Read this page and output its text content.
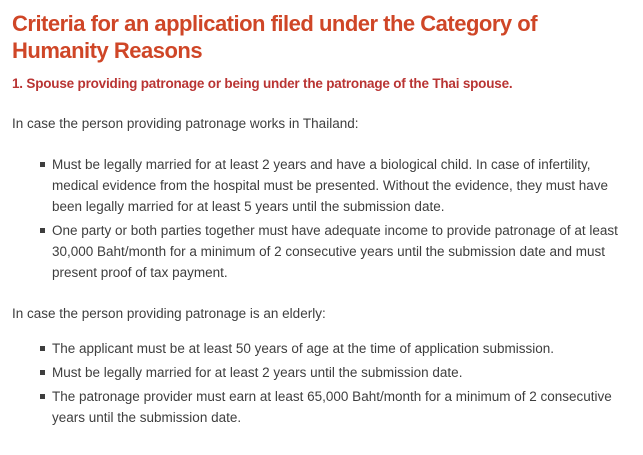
Criteria for an application filed under the Category of
Humanity Reasons
1. Spouse providing patronage or being under the patronage of the Thai spouse.

In case the person providing patronage works in Thailand:

Must be legally married for at least 2 years and have a biological child. In case of infertility, medical evidence from the hospital must be presented. Without the evidence, they must have been legally married for at least 5 years until the submission date.
One party or both parties together must have adequate income to provide patronage of at least 30,000 Baht/month for a minimum of 2 consecutive years until the submission date and must present proof of tax payment.

In case the person providing patronage is an elderly:

The applicant must be at least 50 years of age at the time of application submission.
Must be legally married for at least 2 years until the submission date.
The patronage provider must earn at least 65,000 Baht/month for a minimum of 2 consecutive years until the submission date.
